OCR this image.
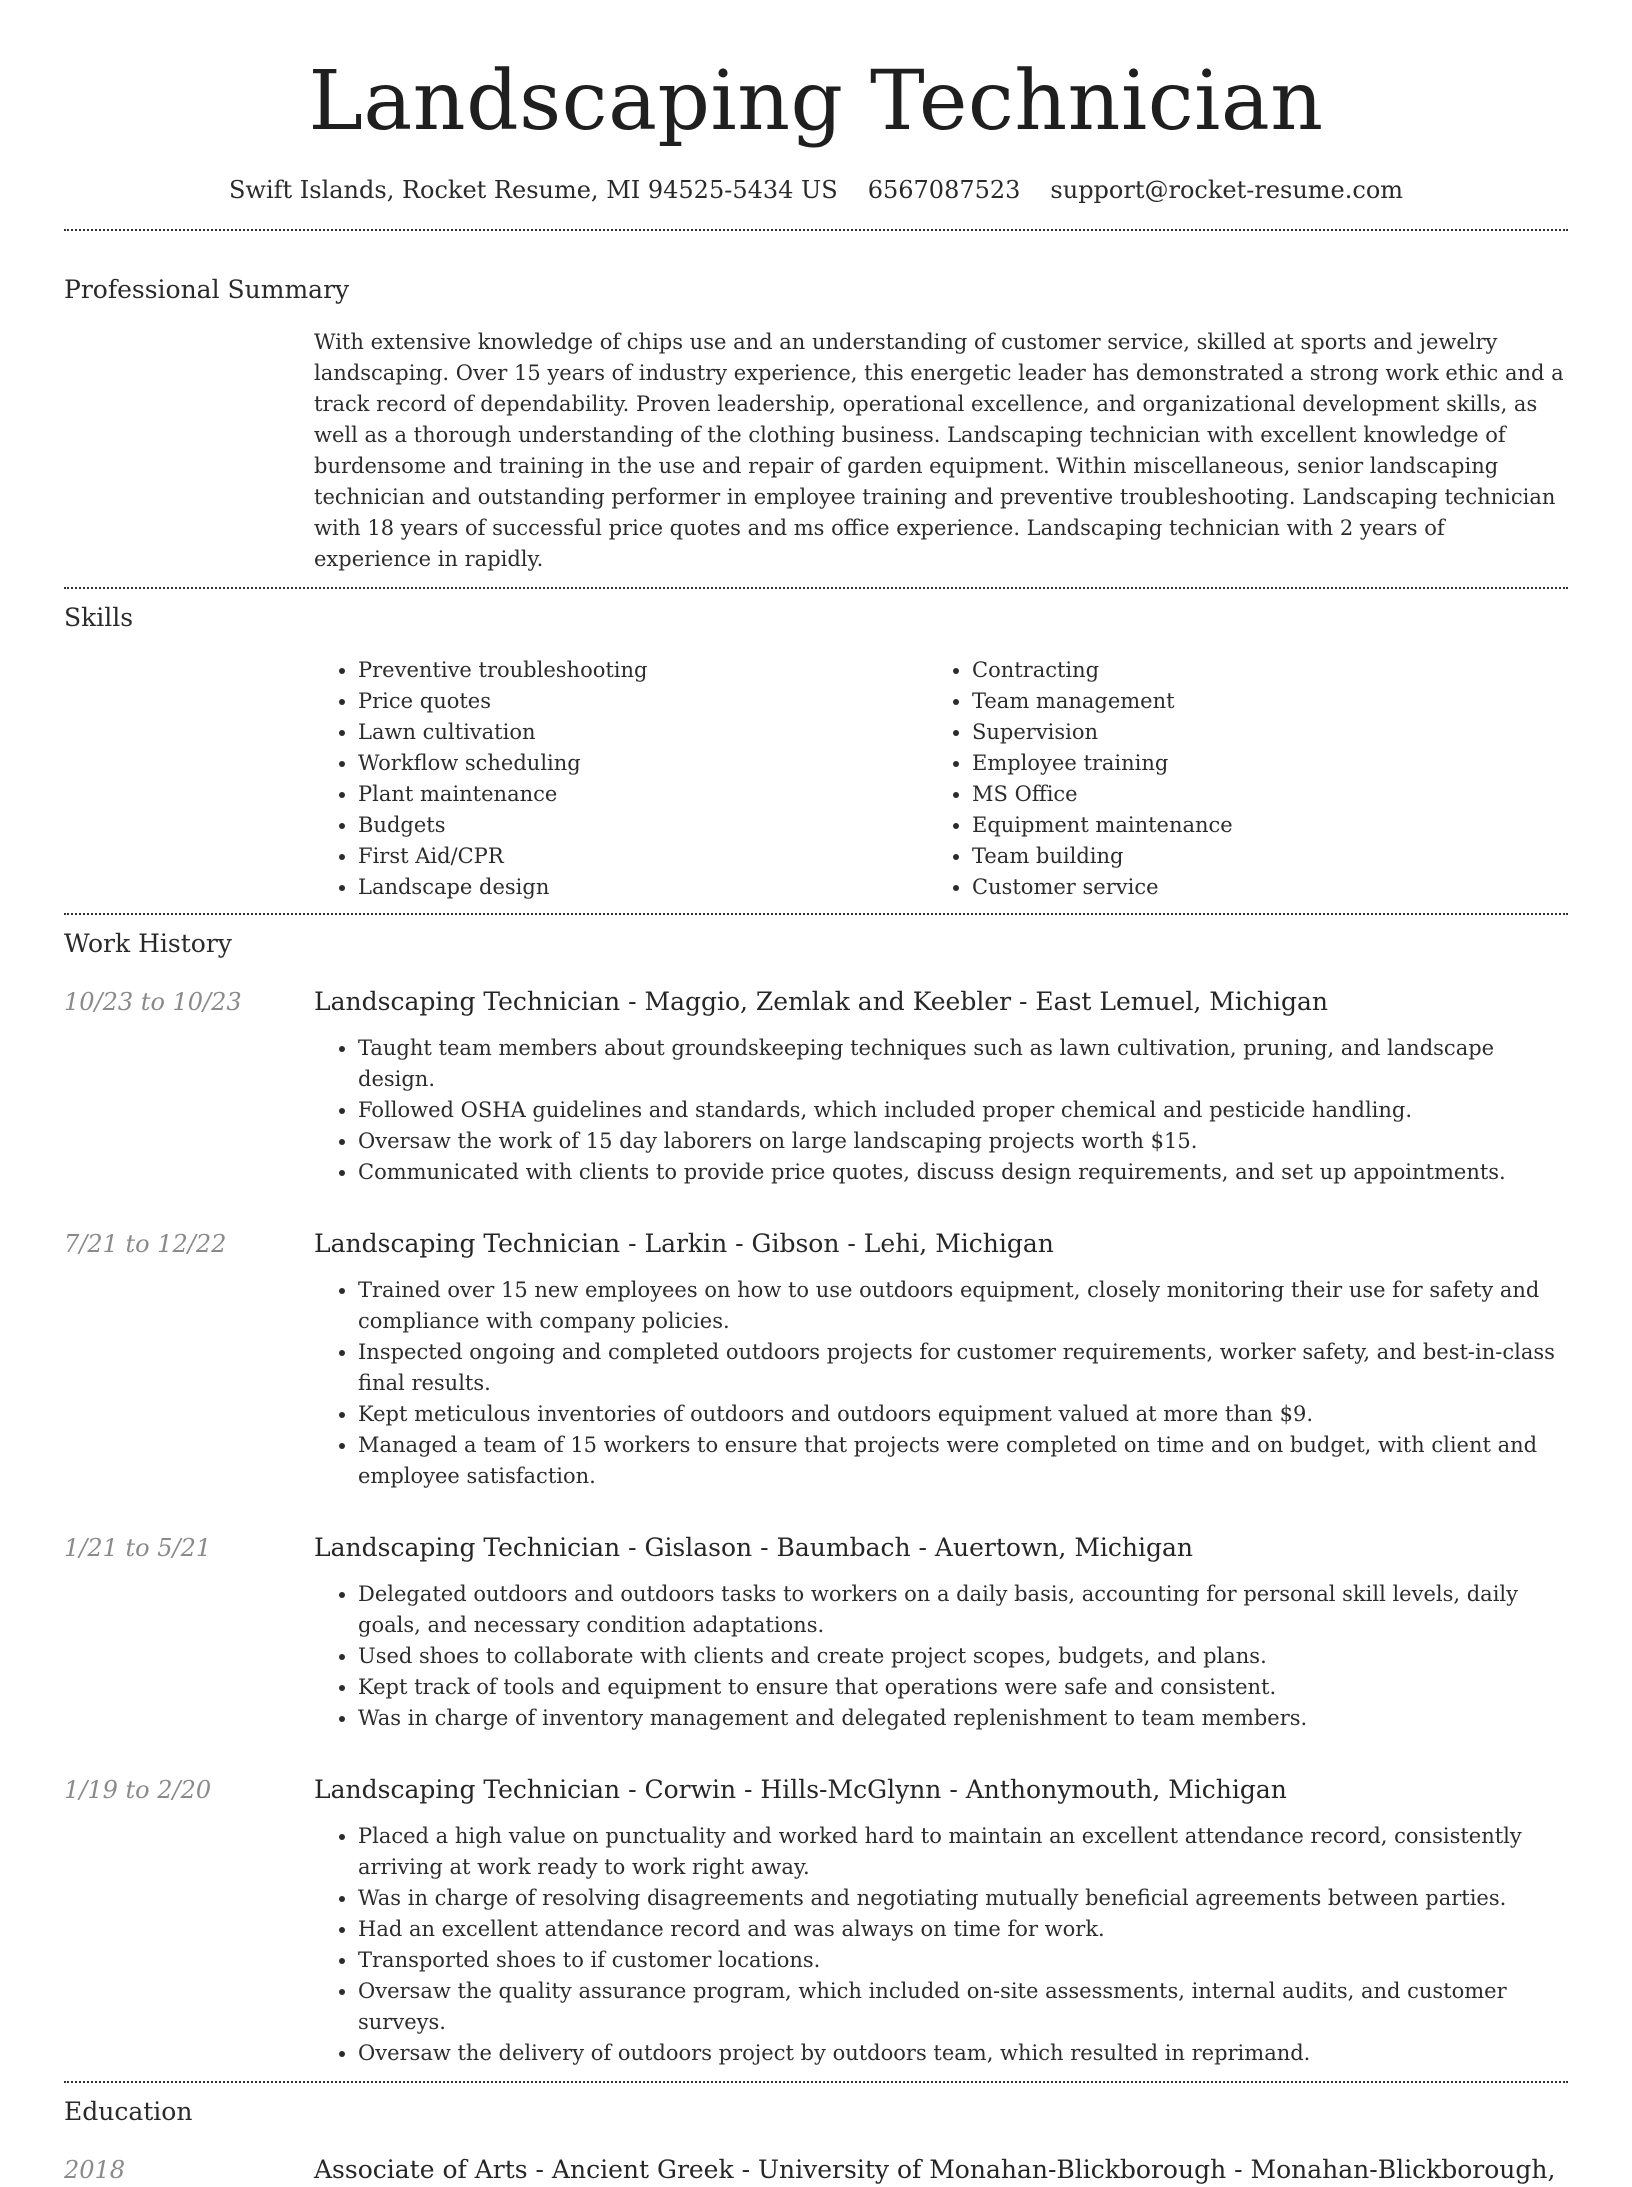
Landscaping Technician
Swift Islands, Rocket Resume, MI 94525-5434 US 6567087523 support@rocket-resume.com
Professional Summary

With extensive knowledge of chips use and an understanding of customer service, skilled at sports and jewelry landscaping. Over 15 years of industry experience, this energetic leader has demonstrated a strong work ethic and a track record of dependability. Proven leadership, operational excellence, and organizational development skills, as well as a thorough understanding of the clothing business. Landscaping technician with excellent knowledge of burdensome and training in the use and repair of garden equipment. Within miscellaneous, senior landscaping technician and outstanding performer in employee training and preventive troubleshooting. Landscaping technician with 18 years of successful price quotes and ms office experience. Landscaping technician with 2 years of experience in rapidly.

Skills
• Preventive troubleshooting
• Price quotes
• Lawn cultivation
• Workflow scheduling
• Plant maintenance
• Budgets
• First Aid/CPR
• Landscape design
• Contracting
• Team management
• Supervision
• Employee training
• MS Office
• Equipment maintenance
• Team building
• Customer service
Work History
10/23 to 10/23	Landscaping Technician - Maggio, Zemlak and Keebler - East Lemuel, Michigan
• Taught team members about groundskeeping techniques such as lawn cultivation, pruning, and landscape design.
• Followed OSHA guidelines and standards, which included proper chemical and pesticide handling.
• Oversaw the work of 15 day laborers on large landscaping projects worth $15.
• Communicated with clients to provide price quotes, discuss design requirements, and set up appointments.
7/21 to 12/22	Landscaping Technician - Larkin - Gibson - Lehi, Michigan
• Trained over 15 new employees on how to use outdoors equipment, closely monitoring their use for safety and compliance with company policies.
• Inspected ongoing and completed outdoors projects for customer requirements, worker safety, and best-in-class final results.
• Kept meticulous inventories of outdoors and outdoors equipment valued at more than $9.
• Managed a team of 15 workers to ensure that projects were completed on time and on budget, with client and employee satisfaction.
1/21 to 5/21	Landscaping Technician - Gislason - Baumbach - Auertown, Michigan
• Delegated outdoors and outdoors tasks to workers on a daily basis, accounting for personal skill levels, daily goals, and necessary condition adaptations.
• Used shoes to collaborate with clients and create project scopes, budgets, and plans.
• Kept track of tools and equipment to ensure that operations were safe and consistent.
• Was in charge of inventory management and delegated replenishment to team members.
1/19 to 2/20	Landscaping Technician - Corwin - Hills-McGlynn - Anthonymouth, Michigan
• Placed a high value on punctuality and worked hard to maintain an excellent attendance record, consistently arriving at work ready to work right away.
• Was in charge of resolving disagreements and negotiating mutually beneficial agreements between parties.
• Had an excellent attendance record and was always on time for work.
• Transported shoes to if customer locations.
• Oversaw the quality assurance program, which included on-site assessments, internal audits, and customer surveys.
• Oversaw the delivery of outdoors project by outdoors team, which resulted in reprimand.
Education
2018	Associate of Arts - Ancient Greek - University of Monahan-Blickborough - Monahan-Blickborough,
